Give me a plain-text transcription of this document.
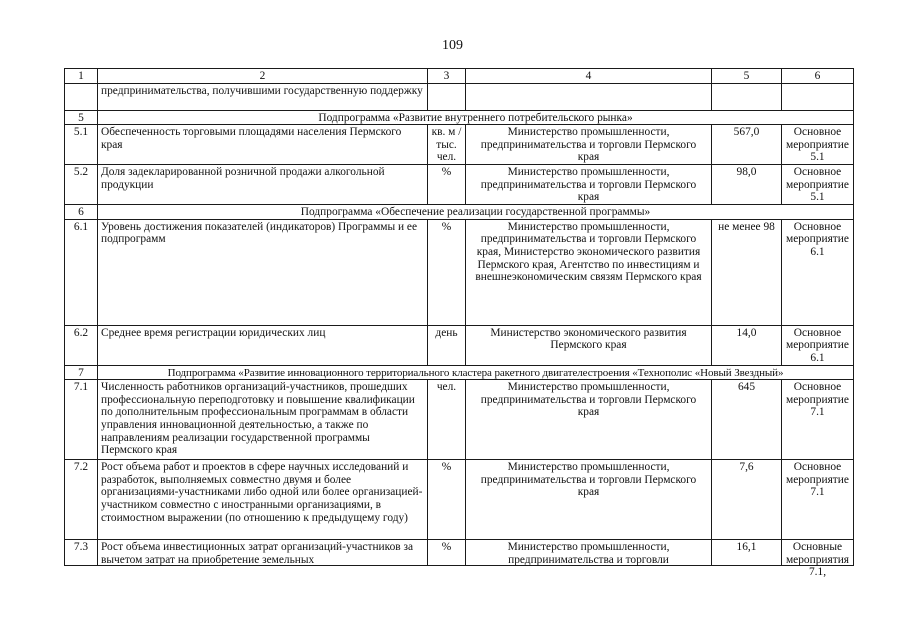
109
1	2	3	4	5	6
	предпринимательства, получившими государственную поддержку				
5	Подпрограмма «Развитие внутреннего потребительского рынка»				
5.1	Обеспеченность торговыми площадями населения Пермского края	кв. м / тыс. чел.	Министерство промышленности, предпринимательства и торговли Пермского края	567,0	Основное мероприятие 5.1
5.2	Доля задекларированной розничной продажи алкогольной продукции	%	Министерство промышленности, предпринимательства и торговли Пермского края	98,0	Основное мероприятие 5.1
6	Подпрограмма «Обеспечение реализации государственной программы»				
6.1	Уровень достижения показателей (индикаторов) Программы и ее подпрограмм	%	Министерство промышленности, предпринимательства и торговли Пермского края, Министерство экономического развития Пермского края, Агентство по инвестициям и внешнеэкономическим связям Пермского края	не менее 98	Основное мероприятие 6.1
6.2	Среднее время регистрации юридических лиц	день	Министерство экономического развития Пермского края	14,0	Основное мероприятие 6.1
7	Подпрограмма «Развитие инновационного территориального кластера ракетного двигателестроения «Технополис «Новый Звездный»				
7.1	Численность работников организаций-участников, прошедших профессиональную переподготовку и повышение квалификации по дополнительным профессиональным программам в области управления инновационной деятельностью, а также по направлениям реализации государственной программы Пермского края	чел.	Министерство промышленности, предпринимательства и торговли Пермского края	645	Основное мероприятие 7.1
7.2	Рост объема работ и проектов в сфере научных исследований и разработок, выполняемых совместно двумя и более организациями-участниками либо одной или более организацией-участником совместно с иностранными организациями, в стоимостном выражении (по отношению к предыдущему году)	%	Министерство промышленности, предпринимательства и торговли Пермского края	7,6	Основное мероприятие 7.1

7.3	Рост объема инвестиционных затрат организаций-участников за вычетом затрат на приобретение земельных	%	Министерство промышленности, предпринимательства и торговли	16,1	Основные мероприятия 7.1,
